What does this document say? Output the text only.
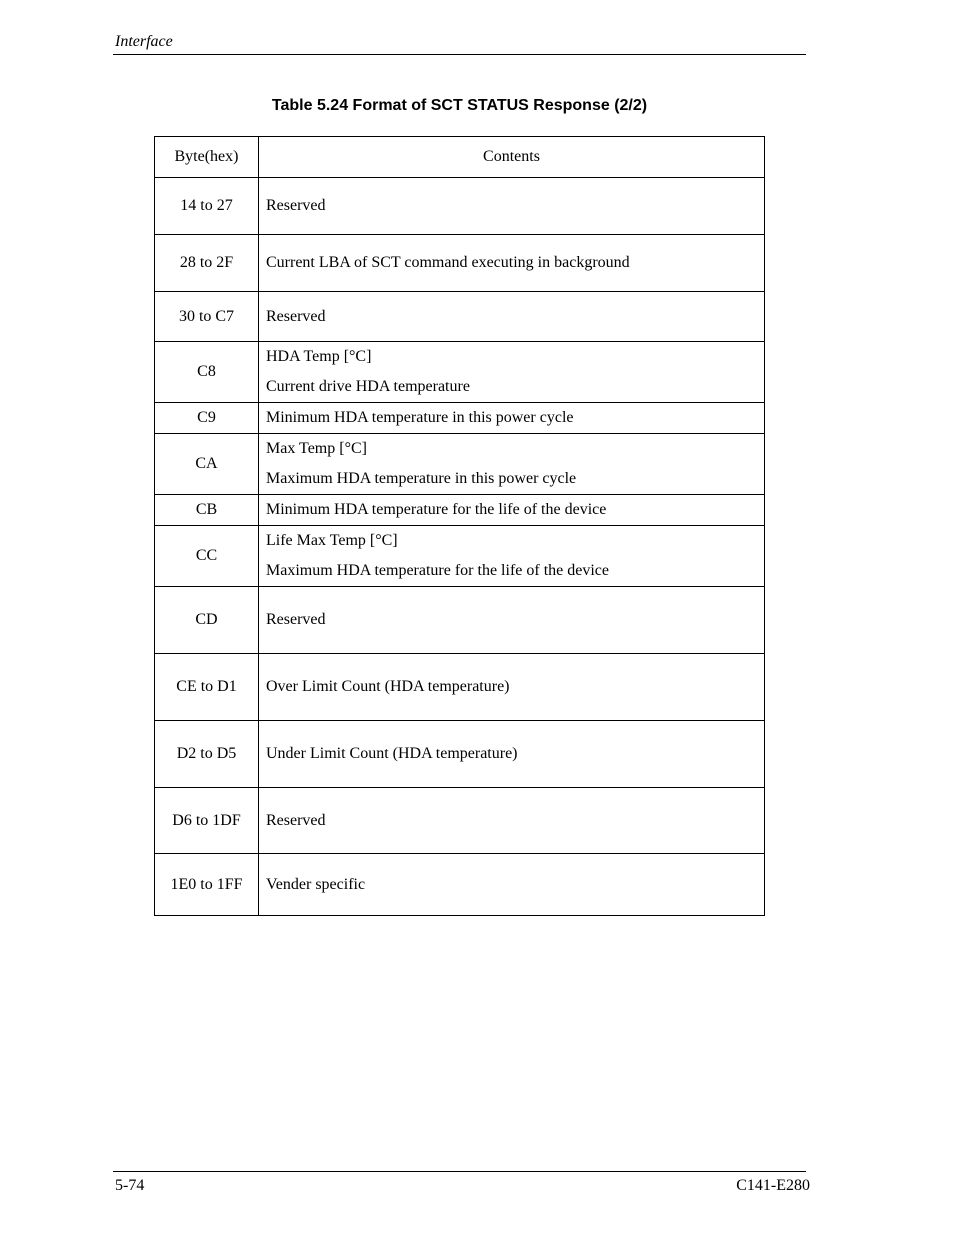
Interface
Table 5.24 Format of SCT STATUS Response (2/2)
Byte(hex)	Contents
14 to 27	Reserved

28 to 2F	Current LBA of SCT command executing in background

30 to C7	Reserved

C8	HDA Temp [°C]
Current drive HDA temperature

C9	Minimum HDA temperature in this power cycle

CA	Max Temp [°C]
Maximum HDA temperature in this power cycle

CB	Minimum HDA temperature for the life of the device

CC	Life Max Temp [°C]
Maximum HDA temperature for the life of the device

CD	Reserved

CE to D1	Over Limit Count (HDA temperature)

D2 to D5	Under Limit Count (HDA temperature)

D6 to 1DF	Reserved

1E0 to 1FF	Vender specific
5-74	C141-E280
